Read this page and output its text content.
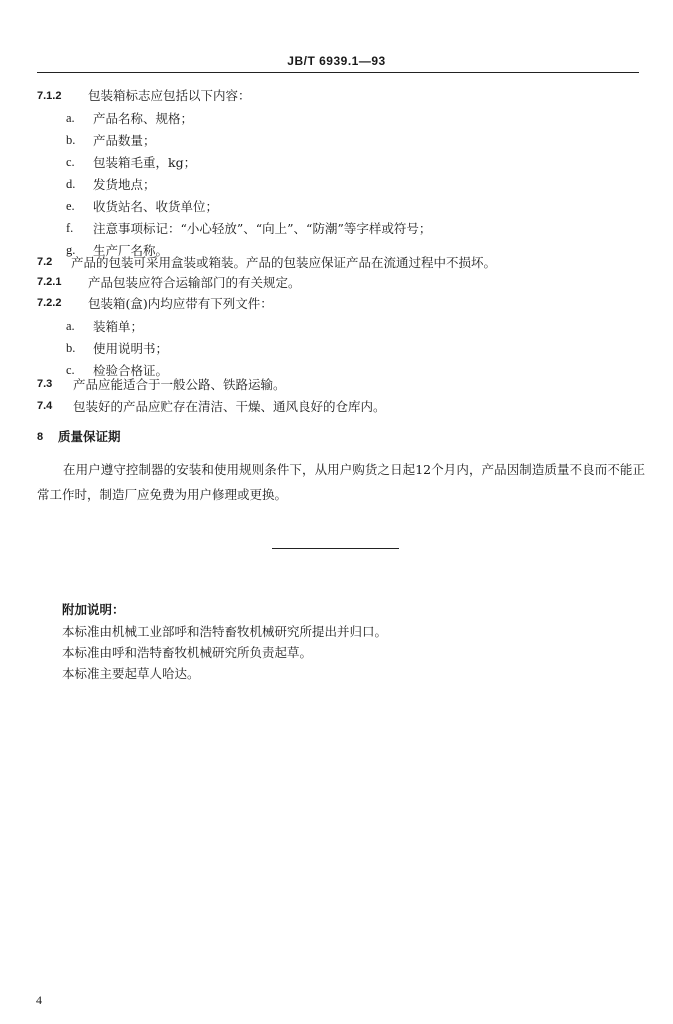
JB/T 6939.1—93
7.1.2 包装箱标志应包括以下内容：
a. 产品名称、规格；
b. 产品数量；
c. 包装箱毛重，kg；
d. 发货地点；
e. 收货站名、收货单位；
f. 注意事项标记：“小心轻放”、“向上”、“防潮”等字样或符号；
g. 生产厂名称。
7.2 产品的包装可采用盒装或箱装。产品的包装应保证产品在流通过程中不损坏。
7.2.1 产品包装应符合运输部门的有关规定。
7.2.2 包装箱(盒)内均应带有下列文件：
a. 装箱单；
b. 使用说明书；
c. 检验合格证。
7.3 产品应能适合于一般公路、铁路运输。
7.4 包装好的产品应贮存在清洁、干燥、通风良好的仓库内。
8 质量保证期
在用户遵守控制器的安装和使用规则条件下，从用户购货之日起12个月内，产品因制造质量不良而不能正常工作时，制造厂应免费为用户修理或更换。
附加说明：
本标准由机械工业部呼和浩特畜牧机械研究所提出并归口。
本标准由呼和浩特畜牧机械研究所负责起草。
本标准主要起草人哈达。
4
